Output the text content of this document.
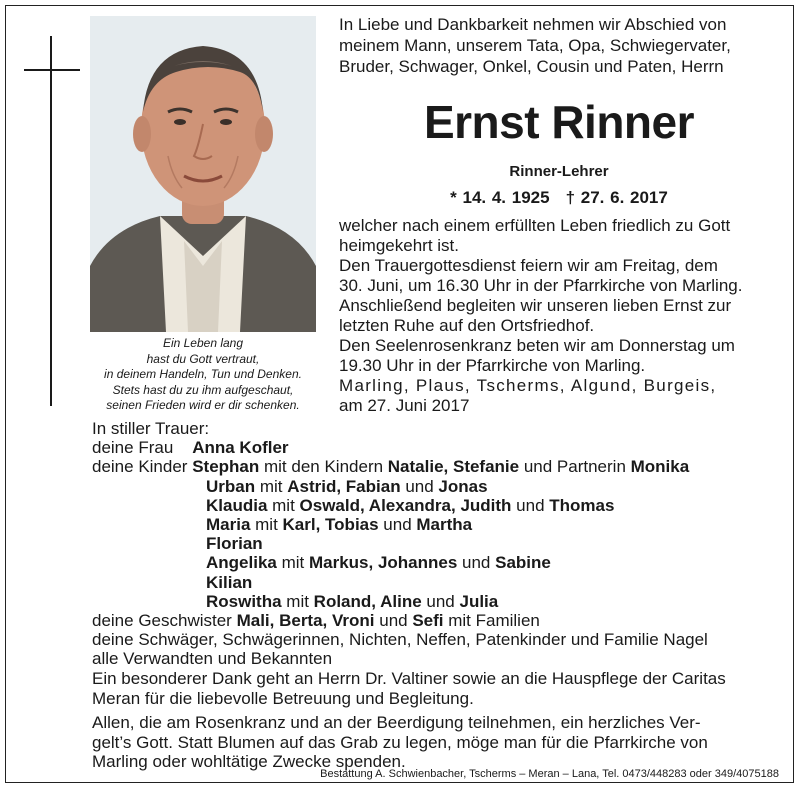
Ein Leben lang
hast du Gott vertraut,
in deinem Handeln, Tun und Denken.
Stets hast du zu ihm aufgeschaut,
seinen Frieden wird er dir schenken.
In Liebe und Dankbarkeit nehmen wir Abschied von
meinem Mann, unserem Tata, Opa, Schwiegervater,
Bruder, Schwager, Onkel, Cousin und Paten, Herrn
Ernst Rinner
Rinner-Lehrer
* 14. 4. 1925 † 27. 6. 2017
welcher nach einem erfüllten Leben friedlich zu Gott
heimgekehrt ist.
Den Trauergottesdienst feiern wir am Freitag, dem
30. Juni, um 16.30 Uhr in der Pfarrkirche von Marling.
Anschließend begleiten wir unseren lieben Ernst zur
letzten Ruhe auf den Ortsfriedhof.
Den Seelenrosenkranz beten wir am Donnerstag um
19.30 Uhr in der Pfarrkirche von Marling.
Marling, Plaus, Tscherms, Algund, Burgeis,
am 27. Juni 2017
In stiller Trauer:
deine Frau Anna Kofler
deine Kinder Stephan mit den Kindern Natalie, Stefanie und Partnerin Monika
Urban mit Astrid, Fabian und Jonas
Klaudia mit Oswald, Alexandra, Judith und Thomas
Maria mit Karl, Tobias und Martha
Florian
Angelika mit Markus, Johannes und Sabine
Kilian
Roswitha mit Roland, Aline und Julia
deine Geschwister Mali, Berta, Vroni und Sefi mit Familien
deine Schwäger, Schwägerinnen, Nichten, Neffen, Patenkinder und Familie Nagel
alle Verwandten und Bekannten
Ein besonderer Dank geht an Herrn Dr. Valtiner sowie an die Hauspflege der Caritas
Meran für die liebevolle Betreuung und Begleitung.
Allen, die am Rosenkranz und an der Beerdigung teilnehmen, ein herzliches Ver-
gelt’s Gott. Statt Blumen auf das Grab zu legen, möge man für die Pfarrkirche von
Marling oder wohltätige Zwecke spenden.
Bestattung A. Schwienbacher, Tscherms – Meran – Lana, Tel. 0473/448283 oder 349/4075188
